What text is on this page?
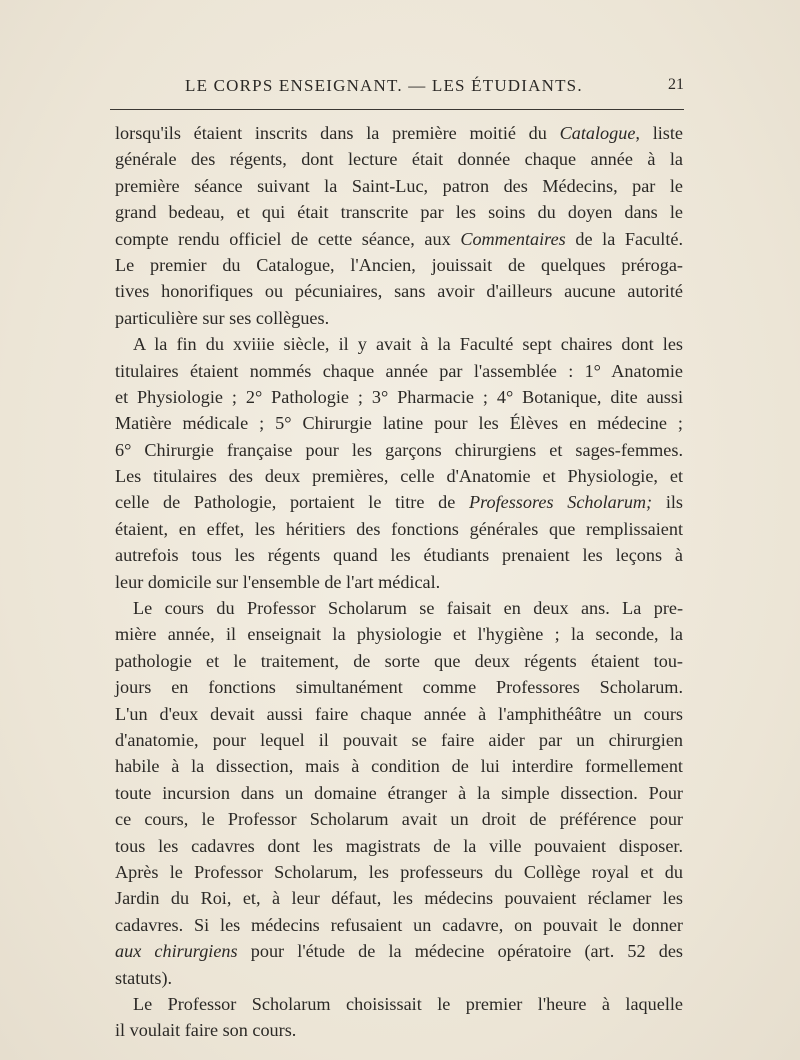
LE CORPS ENSEIGNANT. — LES ÉTUDIANTS.	21
lorsqu'ils étaient inscrits dans la première moitié du Catalogue, liste
générale des régents, dont lecture était donnée chaque année à la
première séance suivant la Saint-Luc, patron des Médecins, par le
grand bedeau, et qui était transcrite par les soins du doyen dans le
compte rendu officiel de cette séance, aux Commentaires de la Faculté.
Le premier du Catalogue, l'Ancien, jouissait de quelques préroga-
tives honorifiques ou pécuniaires, sans avoir d'ailleurs aucune autorité
particulière sur ses collègues.
A la fin du xviiie siècle, il y avait à la Faculté sept chaires dont les
titulaires étaient nommés chaque année par l'assemblée : 1° Anatomie
et Physiologie ; 2° Pathologie ; 3° Pharmacie ; 4° Botanique, dite aussi
Matière médicale ; 5° Chirurgie latine pour les Élèves en médecine ;
6° Chirurgie française pour les garçons chirurgiens et sages-femmes.
Les titulaires des deux premières, celle d'Anatomie et Physiologie, et
celle de Pathologie, portaient le titre de Professores Scholarum; ils
étaient, en effet, les héritiers des fonctions générales que remplissaient
autrefois tous les régents quand les étudiants prenaient les leçons à
leur domicile sur l'ensemble de l'art médical.
Le cours du Professor Scholarum se faisait en deux ans. La pre-
mière année, il enseignait la physiologie et l'hygiène ; la seconde, la
pathologie et le traitement, de sorte que deux régents étaient tou-
jours en fonctions simultanément comme Professores Scholarum.
L'un d'eux devait aussi faire chaque année à l'amphithéâtre un cours
d'anatomie, pour lequel il pouvait se faire aider par un chirurgien
habile à la dissection, mais à condition de lui interdire formellement
toute incursion dans un domaine étranger à la simple dissection. Pour
ce cours, le Professor Scholarum avait un droit de préférence pour
tous les cadavres dont les magistrats de la ville pouvaient disposer.
Après le Professor Scholarum, les professeurs du Collège royal et du
Jardin du Roi, et, à leur défaut, les médecins pouvaient réclamer les
cadavres. Si les médecins refusaient un cadavre, on pouvait le donner
aux chirurgiens pour l'étude de la médecine opératoire (art. 52 des
statuts).
Le Professor Scholarum choisissait le premier l'heure à laquelle
il voulait faire son cours.
